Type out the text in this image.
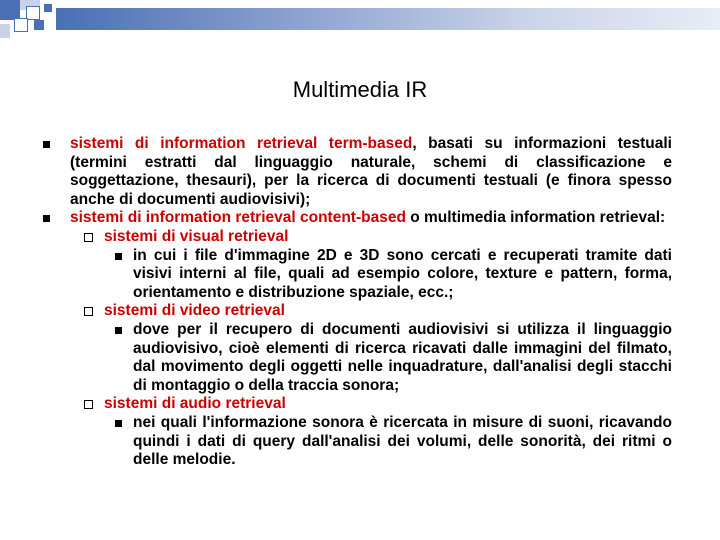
Multimedia IR
sistemi di information retrieval term-based, basati su informazioni testuali (termini estratti dal linguaggio naturale, schemi di classificazione e soggettazione, thesauri), per la ricerca di documenti testuali (e finora spesso anche di documenti audiovisivi);
sistemi di information retrieval content-based o multimedia information retrieval:
sistemi di visual retrieval
in cui i file d'immagine 2D e 3D sono cercati e recuperati tramite dati visivi interni al file, quali ad esempio colore, texture e pattern, forma, orientamento e distribuzione spaziale, ecc.;
sistemi di video retrieval
dove per il recupero di documenti audiovisivi si utilizza il linguaggio audiovisivo, cioè elementi di ricerca ricavati dalle immagini del filmato, dal movimento degli oggetti nelle inquadrature, dall'analisi degli stacchi di montaggio o della traccia sonora;
sistemi di audio retrieval
nei quali l'informazione sonora è ricercata in misure di suoni, ricavando quindi i dati di query dall'analisi dei volumi, delle sonorità, dei ritmi o delle melodie.
